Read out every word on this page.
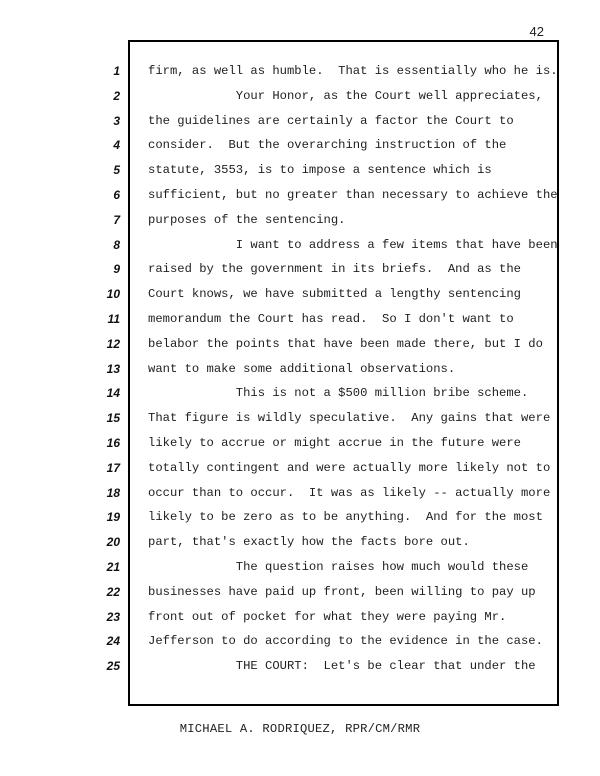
42
1
2
3
4
5
6
7
8
9
10
11
12
13
14
15
16
17
18
19
20
21
22
23
24
25
firm, as well as humble.  That is essentially who he is.
Your Honor, as the Court well appreciates,
the guidelines are certainly a factor the Court to
consider.  But the overarching instruction of the
statute, 3553, is to impose a sentence which is
sufficient, but no greater than necessary to achieve the
purposes of the sentencing.
I want to address a few items that have been
raised by the government in its briefs.  And as the
Court knows, we have submitted a lengthy sentencing
memorandum the Court has read.  So I don't want to
belabor the points that have been made there, but I do
want to make some additional observations.
This is not a $500 million bribe scheme.
That figure is wildly speculative.  Any gains that were
likely to accrue or might accrue in the future were
totally contingent and were actually more likely not to
occur than to occur.  It was as likely -- actually more
likely to be zero as to be anything.  And for the most
part, that's exactly how the facts bore out.
The question raises how much would these
businesses have paid up front, been willing to pay up
front out of pocket for what they were paying Mr.
Jefferson to do according to the evidence in the case.
THE COURT:  Let's be clear that under the
MICHAEL A. RODRIQUEZ, RPR/CM/RMR
